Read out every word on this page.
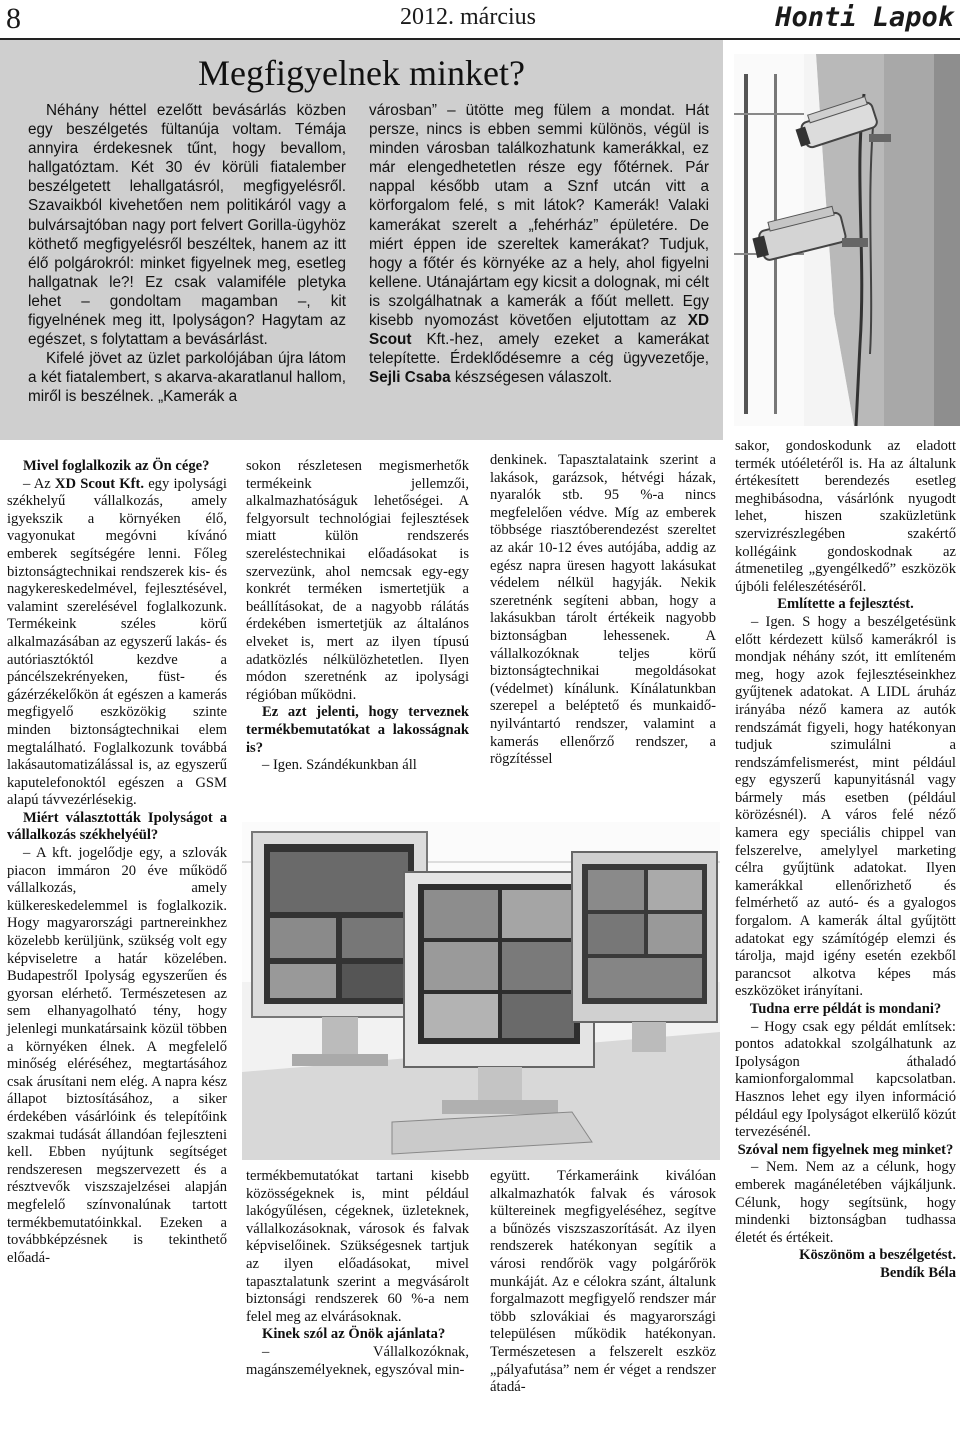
8	2012. március	Honti Lapok
Megfigyelnek minket?

Néhány héttel ezelőtt bevásárlás közben egy beszélgetés fültanúja voltam. Témája annyira érdekesnek tűnt, hogy bevallom, hallgatóztam. Két 30 év körüli fiatalember beszélgetett lehallgatásról, megfigyelésről. Szavaikból kivehetően nem politikáról vagy a bulvársajtóban nagy port felvert Gorilla-ügyhöz köthető megfigyelésről beszéltek, hanem az itt élő polgárokról: minket figyelnek meg, esetleg hallgatnak le?! Ez csak valamiféle pletyka lehet – gondoltam magamban –, kit figyelnének meg itt, Ipolyságon? Hagytam az egészet, s folytattam a bevásárlást.

Kifelé jövet az üzlet parkolójában újra látom a két fiatalembert, s akarva-akaratlanul hallom, miről is beszélnek. „Kamerák a

városban” – ütötte meg fülem a mondat. Hát persze, nincs is ebben semmi különös, végül is minden városban találkozhatunk kamerákkal, ez már elengedhetetlen része egy főtérnek. Pár nappal később utam a Sznf utcán vitt a körforgalom felé, s mit látok? Kamerák! Valaki kamerákat szerelt a „fehérház” épületére. De miért éppen ide szereltek kamerákat? Tudjuk, hogy a főtér és környéke az a hely, ahol figyelni kellene. Utánajártam egy kicsit a dolognak, mi célt is szolgálhatnak a kamerák a főút mellett. Egy kisebb nyomozást követően eljutottam az XD Scout Kft.-hez, amely ezeket a kamerákat telepítette. Érdeklődésemre a cég ügyvezetője, Sejli Csaba készségesen válaszolt.

Mivel foglalkozik az Ön cége?

– Az XD Scout Kft. egy ipolysági székhelyű vállalkozás, amely igyekszik a környéken élő, vagyonukat megóvni kívánó emberek segítségére lenni. Főleg biztonságtechnikai rendszerek kis- és nagykereskedelmével, fejlesztésével, valamint szerelésével foglalkozunk. Termékeink széles körű alkalmazásában az egyszerű lakás- és autóriasztóktól kezdve a páncélszekrényeken, füst- és gázérzékelőkön át egészen a kamerás megfigyelő eszközökig szinte minden biztonságtechnikai elem megtalálható. Foglalkozunk továbbá lakásautomatizálással is, az egyszerű kaputelefonoktól egészen a GSM alapú távvezérlésekig.

Miért választották Ipolyságot a vállalkozás székhelyéül?

– A kft. jogelődje egy, a szlovák piacon immáron 20 éve működő vállalkozás, amely külkereskedelemmel is foglalkozik. Hogy magyarországi partnereinkhez közelebb kerüljünk, szükség volt egy képviseletre a határ közelében. Budapestről Ipolyság egyszerűen és gyorsan elérhető. Természetesen az sem elhanyagolható tény, hogy jelenlegi munkatársaink közül többen a környéken élnek. A megfelelő minőség eléréséhez, megtartásához csak árusítani nem elég. A napra kész állapot biztosításához, a siker érdekében vásárlóink és telepítőink szakmai tudását állandóan fejleszteni kell. Ebben nyújtunk segítséget rendszeresen megszervezett és a résztvevők viszszajelzései alapján megfelelő színvonalúnak tartott termékbemutatóinkkal. Ezeken a továbbképzésnek is tekinthető előadá-

sokon részletesen megismerhetők termékeink jellemzői, alkalmazhatóságuk lehetőségei. A felgyorsult technológiai fejlesztések miatt külön rendszerés szereléstechnikai előadásokat is szervezünk, ahol nemcsak egy-egy konkrét terméken ismertetjük a beállításokat, de a nagyobb rálátás érdekében ismertetjük az általános elveket is, mert az ilyen típusú adatközlés nélkülözhetetlen. Ilyen módon szeretnénk az ipolysági régióban működni.

Ez azt jelenti, hogy terveznek termékbemutatókat a lakosságnak is?

– Igen. Szándékunkban áll

denkinek. Tapasztalataink szerint a lakások, garázsok, hétvégi házak, nyaralók stb. 95 %-a nincs megfelelően védve. Míg az emberek többsége riasztóberendezést szereltet az akár 10-12 éves autójába, addig az egész napra üresen hagyott lakásukat védelem nélkül hagyják. Nekik szeretnénk segíteni abban, hogy a lakásukban tárolt értékeik nagyobb biztonságban lehessenek. A vállalkozóknak teljes körű biztonságtechnikai megoldásokat (védelmet) kínálunk. Kínálatunkban szerepel a beléptető és munkaidő-nyilvántartó rendszer, valamint a kamerás ellenőrző rendszer, a rögzítéssel

termékbemutatókat tartani kisebb közösségeknek is, mint például lakógyűlésen, cégeknek, üzleteknek, vállalkozásoknak, városok és falvak képviselőinek. Szükségesnek tartjuk az ilyen előadásokat, mivel tapasztalatunk szerint a megvásárolt biztonsági rendszerek 60 %-a nem felel meg az elvárásoknak.

Kinek szól az Önök ajánlata?

– Vállalkozóknak, magánszemélyeknek, egyszóval min-

együtt. Térkameráink kiválóan alkalmazhatók falvak és városok kültereinek megfigyeléséhez, segítve a bűnözés viszszaszorítását. Az ilyen rendszerek hatékonyan segítik a városi rendőrök vagy polgárőrök munkáját. Az e célokra szánt, általunk forgalmazott megfigyelő rendszer már több szlovákiai és magyarországi településen működik hatékonyan. Természetesen a felszerelt eszköz „pályafutása” nem ér véget a rendszer átadá-

sakor, gondoskodunk az eladott termék utóéletéről is. Ha az általunk értékesített berendezés esetleg meghibásodna, vásárlónk nyugodt lehet, hiszen szaküzletünk szervizrészlegében szakértő kollégáink gondoskodnak az átmenetileg „gyengélkedő” eszközök újbóli feléleszétéséről.

Említette a fejlesztést.

– Igen. S hogy a beszélgetésünk előtt kérdezett külső kamerákról is mondjak néhány szót, itt említeném meg, hogy azok fejlesztéseinkhez gyűjtenek adatokat. A LIDL áruház irányába néző kamera az autók rendszámát figyeli, hogy hatékonyan tudjuk szimulálni a rendszámfelismerést, mint például egy egyszerű kapunyitásnál vagy bármely más esetben (például körözésnél). A város felé néző kamera egy speciális chippel van felszerelve, amelylyel marketing célra gyűjtünk adatokat. Ilyen kamerákkal ellenőrizhető és felmérhető az autó- és a gyalogos forgalom. A kamerák által gyűjtött adatokat egy számítógép elemzi és tárolja, majd igény esetén ezekből parancsot alkotva képes más eszközöket irányítani.

Tudna erre példát is mondani?

– Hogy csak egy példát említsek: pontos adatokkal szolgálhatunk az Ipolyságon áthaladó kamionforgalommal kapcsolatban. Hasznos lehet egy ilyen információ például egy Ipolyságot elkerülő közút tervezésénél.

Szóval nem figyelnek meg minket?

– Nem. Nem az a célunk, hogy emberek magánéletében vájkáljunk. Célunk, hogy segítsünk, hogy mindenki biztonságban tudhassa életét és értékeit.

Köszönöm a beszélgetést.

Bendík Béla
